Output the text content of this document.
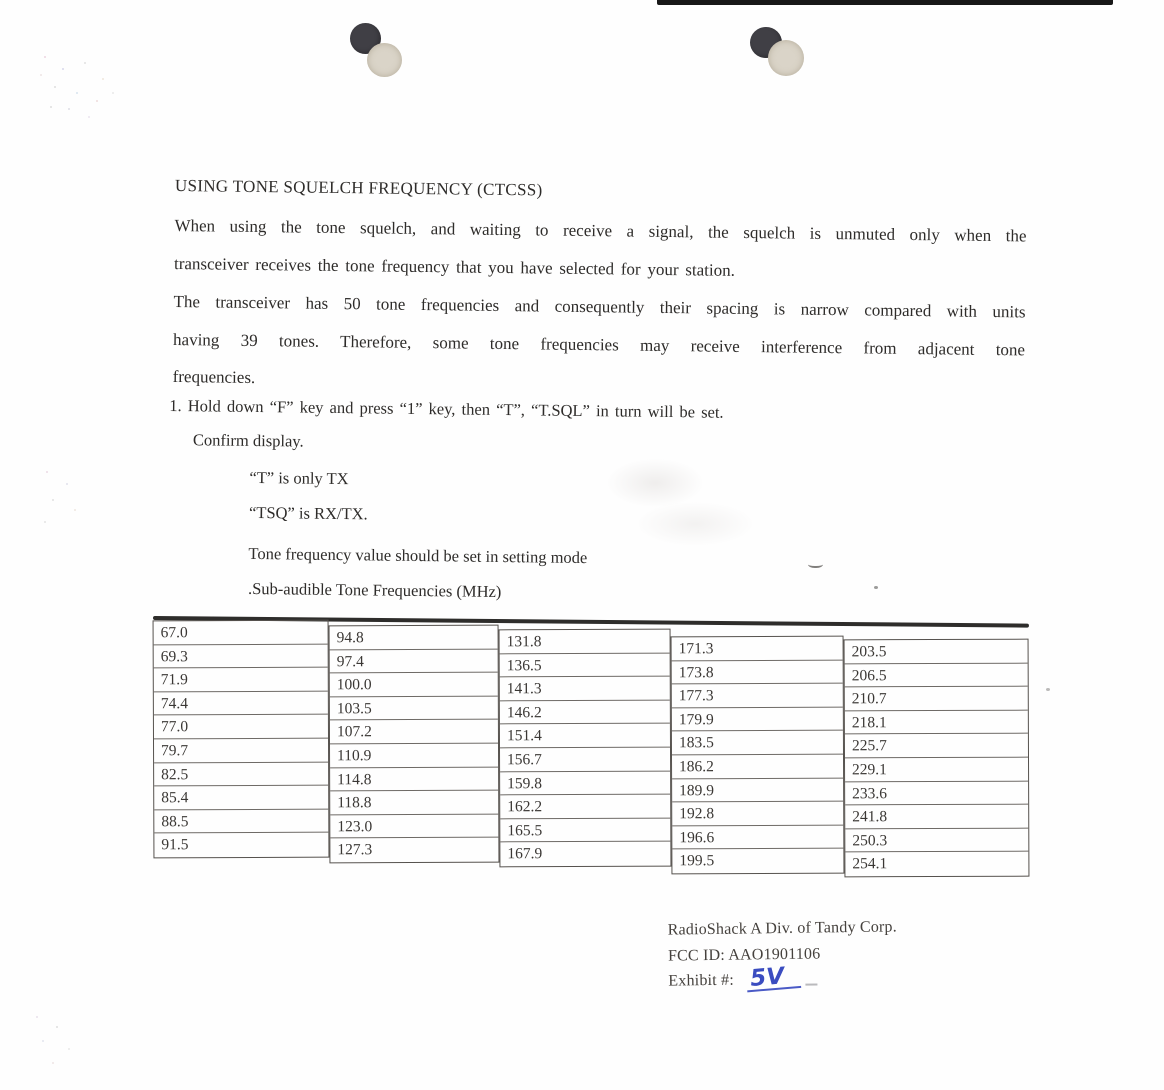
USING TONE SQUELCH FREQUENCY (CTCSS)
When using the tone squelch, and waiting to receive a signal, the squelch is unmuted only when the
transceiver receives the tone frequency that you have selected for your station.
The transceiver has 50 tone frequencies and consequently their spacing is narrow compared with units
having 39 tones. Therefore, some tone frequencies may receive interference from adjacent tone
frequencies.
1. Hold down “F” key and press “1” key, then “T”, “T.SQL” in turn will be set.
Confirm display.
“T” is only TX
“TSQ” is RX/TX.
Tone frequency value should be set in setting mode
.Sub-audible Tone Frequencies (MHz)
67.0
69.3
71.9
74.4
77.0
79.7
82.5
85.4
88.5
91.5
94.8
97.4
100.0
103.5
107.2
110.9
114.8
118.8
123.0
127.3
131.8
136.5
141.3
146.2
151.4
156.7
159.8
162.2
165.5
167.9
171.3
173.8
177.3
179.9
183.5
186.2
189.9
192.8
196.6
199.5
203.5
206.5
210.7
218.1
225.7
229.1
233.6
241.8
250.3
254.1
RadioShack A Div. of Tandy Corp.
FCC ID: AAO1901106
Exhibit #: 5V
